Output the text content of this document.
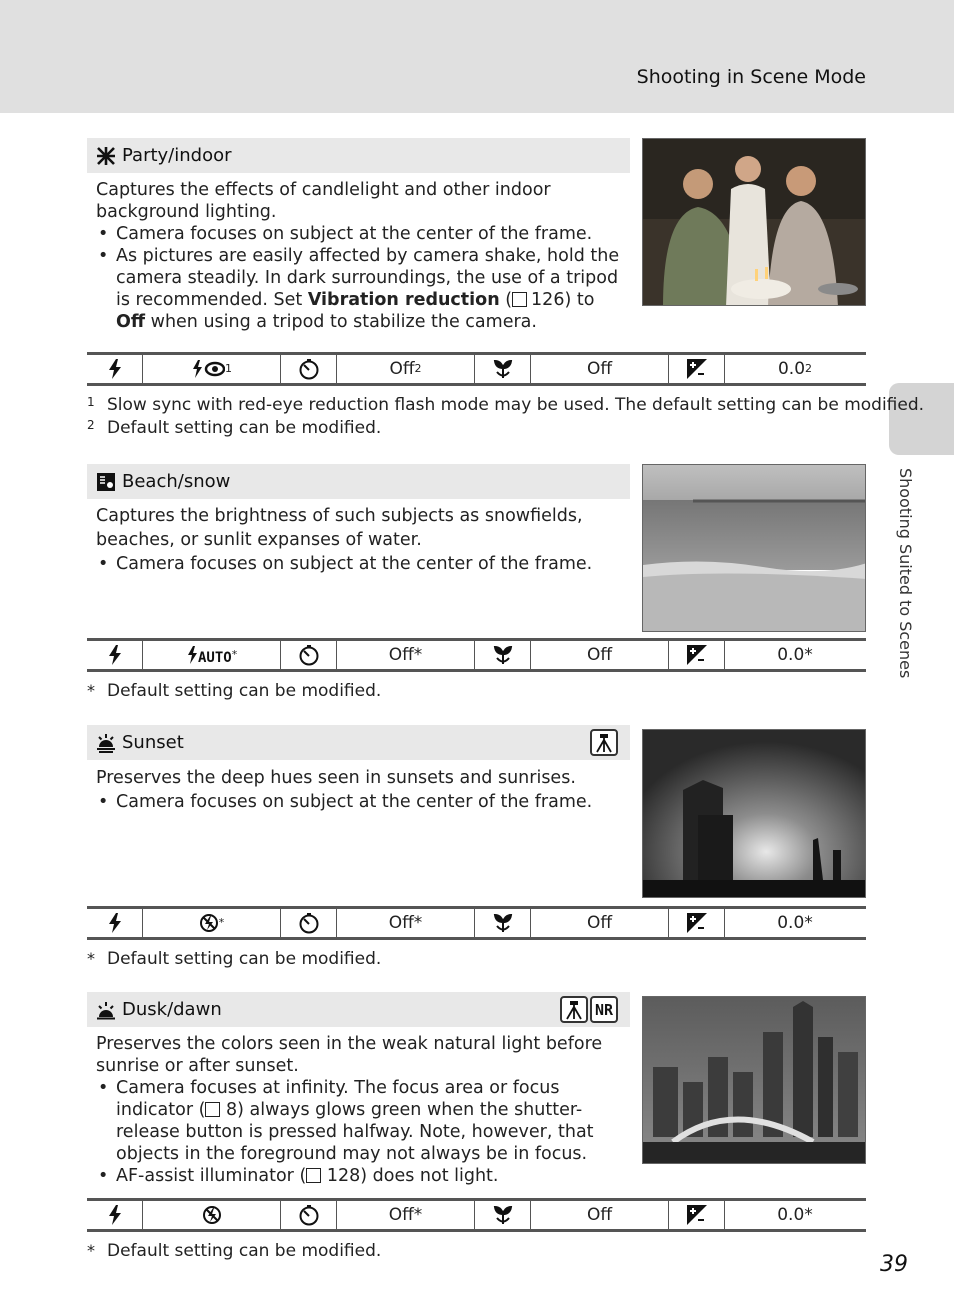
Shooting in Scene Mode
Shooting Suited to Scenes
Party/indoor
Captures the effects of candlelight and other indoor background lighting.
• Camera focuses on subject at the center of the frame.
• As pictures are easily affected by camera shake, hold the camera steadily. In dark surroundings, the use of a tripod is recommended. Set Vibration reduction ( 126) to Off when using a tripod to stabilize the camera.
1	Off 2	Off	0.0 2
1 Slow sync with red-eye reduction flash mode may be used. The default setting can be modified.
2 Default setting can be modified.
Beach/snow
Captures the brightness of such subjects as snowfields, beaches, or sunlit expanses of water.
• Camera focuses on subject at the center of the frame.
AUTO *	Off*	Off	0.0*
* Default setting can be modified.
Sunset
Preserves the deep hues seen in sunsets and sunrises.
• Camera focuses on subject at the center of the frame.
*	Off*	Off	0.0*
* Default setting can be modified.
Dusk/dawn	NR
Preserves the colors seen in the weak natural light before sunrise or after sunset.
• Camera focuses at infinity. The focus area or focus indicator ( 8) always glows green when the shutter-release button is pressed halfway. Note, however, that objects in the foreground may not always be in focus.
• AF-assist illuminator ( 128) does not light.
Off*	Off	0.0*
* Default setting can be modified.
39
